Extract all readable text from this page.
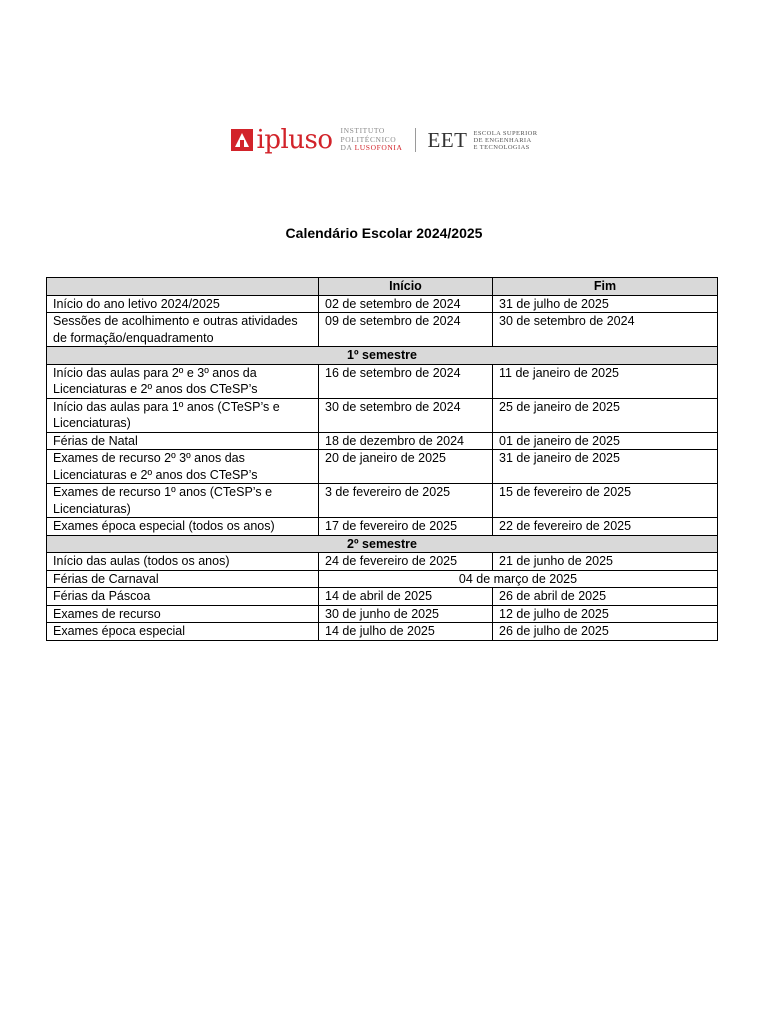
ipluso INSTITUTO
POLITÉCNICO
DA LUSOFONIA EET ESCOLA SUPERIOR
DE ENGENHARIA
E TECNOLOGIAS
Calendário Escolar 2024/2025
	Início	Fim
Início do ano letivo 2024/2025	02 de setembro de 2024	31 de julho de 2025
Sessões de acolhimento e outras atividades de formação/enquadramento	09 de setembro de 2024	30 de setembro de 2024
1º semestre		
Início das aulas para 2º e 3º anos da Licenciaturas e 2º anos dos CTeSP’s	16 de setembro de 2024	11 de janeiro de 2025
Início das aulas para 1º anos (CTeSP’s e Licenciaturas)	30 de setembro de 2024	25 de janeiro de 2025
Férias de Natal	18 de dezembro de 2024	01 de janeiro de 2025
Exames de recurso 2º 3º anos das Licenciaturas e 2º anos dos CTeSP’s	20 de janeiro de 2025	31 de janeiro de 2025
Exames de recurso 1º anos (CTeSP’s e Licenciaturas)	3 de fevereiro de 2025	15 de fevereiro de 2025
Exames época especial (todos os anos)	17 de fevereiro de 2025	22 de fevereiro de 2025
2º semestre		
Início das aulas (todos os anos)	24 de fevereiro de 2025	21 de junho de 2025
Férias de Carnaval	04 de março de 2025	
Férias da Páscoa	14 de abril de 2025	26 de abril de 2025
Exames de recurso	30 de junho de 2025	12 de julho de 2025
Exames época especial	14 de julho de 2025	26 de julho de 2025
